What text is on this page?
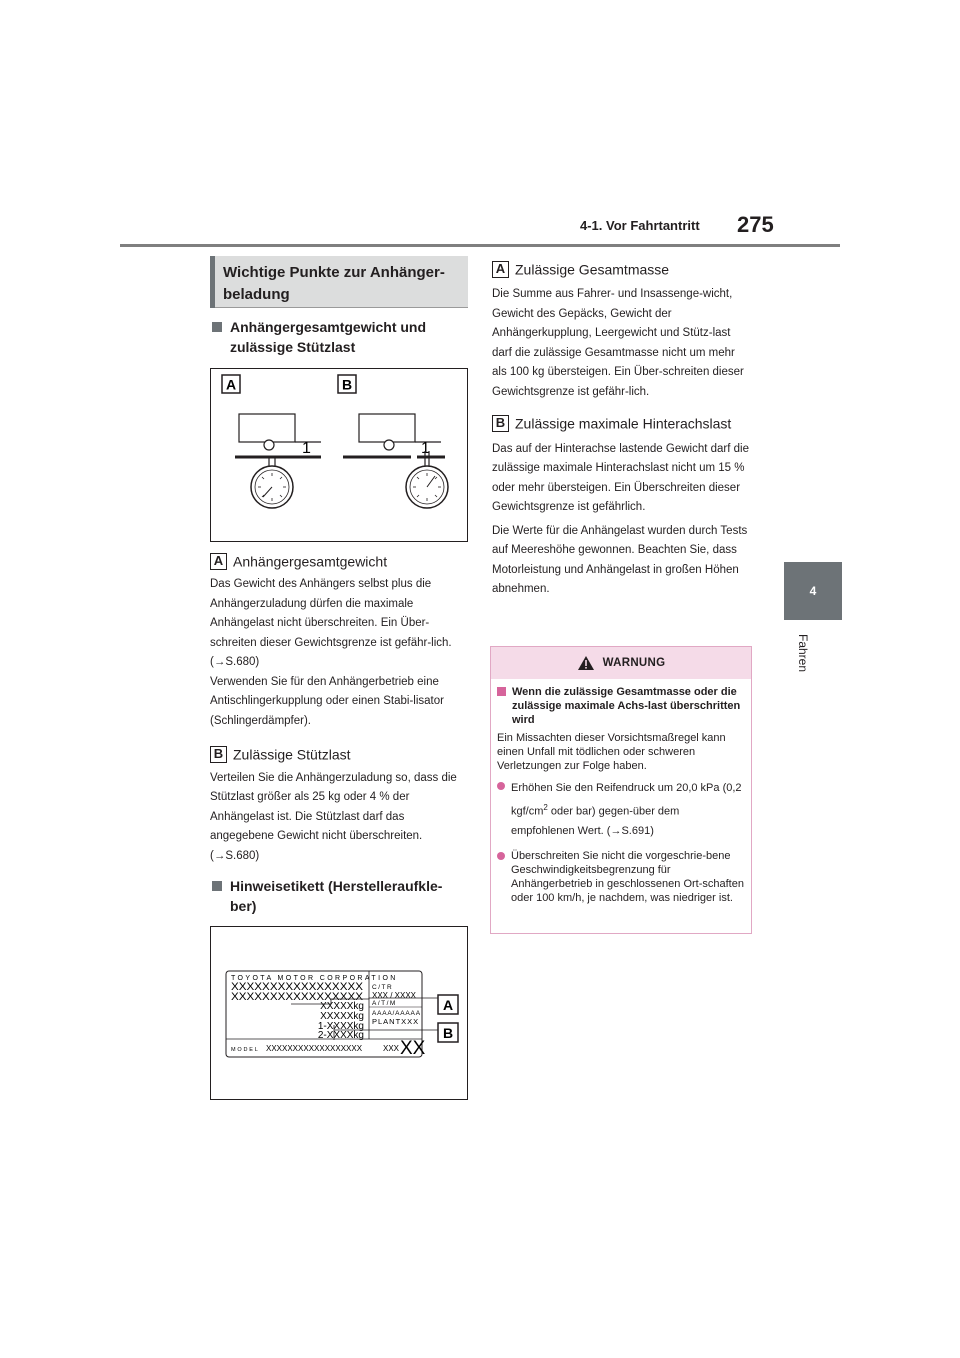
4-1. Vor Fahrtantritt 275
4
Fahren
Wichtige Punkte zur Anhänger-beladung
Anhängergesamtgewicht und zulässige Stützlast
A	B
1	1
A Anhängergesamtgewicht

Das Gewicht des Anhängers selbst plus die Anhängerzuladung dürfen die maximale Anhängelast nicht überschreiten. Ein Über-schreiten dieser Gewichtsgrenze ist gefähr-lich. (→S.680)

Verwenden Sie für den Anhängerbetrieb eine Antischlingerkupplung oder einen Stabi-lisator (Schlingerdämpfer).

B Zulässige Stützlast

Verteilen Sie die Anhängerzuladung so, dass die Stützlast größer als 25 kg oder 4 % der Anhängelast ist. Die Stützlast darf das angegebene Gewicht nicht überschreiten. (→S.680)

Hinweisetikett (Herstelleraufkle-ber)
TOYOTA MOTOR CORPORATION
XXXXXXXXXXXXXXXXX
XXXXXXXXXXXXXXXXX
XXXXXkg
XXXXXkg
1-XXXXkg
2-XXXXkg
C/TR
XXX / XXXX
A/T/M
AAAA/AAAAA
PLANTXXX
MODEL XXXXXXXXXXXXXXXXXX	XXX XX
A
B
A Zulässige Gesamtmasse

Die Summe aus Fahrer- und Insassenge-wicht, Gewicht des Gepäcks, Gewicht der Anhängerkupplung, Leergewicht und Stütz-last darf die zulässige Gesamtmasse nicht um mehr als 100 kg übersteigen. Ein Über-schreiten dieser Gewichtsgrenze ist gefähr-lich.

B Zulässige maximale Hinterachslast

Das auf der Hinterachse lastende Gewicht darf die zulässige maximale Hinterachslast nicht um 15 % oder mehr übersteigen. Ein Überschreiten dieser Gewichtsgrenze ist gefährlich.

Die Werte für die Anhängelast wurden durch Tests auf Meereshöhe gewonnen. Beachten Sie, dass Motorleistung und Anhängelast in großen Höhen abnehmen.

WARNUNG
Wenn die zulässige Gesamtmasse oder die zulässige maximale Achs-last überschritten wird

Ein Missachten dieser Vorsichtsmaßregel kann einen Unfall mit tödlichen oder schweren Verletzungen zur Folge haben.

Erhöhen Sie den Reifendruck um 20,0 kPa (0,2 kgf/$cm^2$ oder bar) gegen-über dem empfohlenen Wert. (→S.691)
Überschreiten Sie nicht die vorgeschrie-bene Geschwindigkeitsbegrenzung für Anhängerbetrieb in geschlossenen Ort-schaften oder 100 km/h, je nachdem, was niedriger ist.
